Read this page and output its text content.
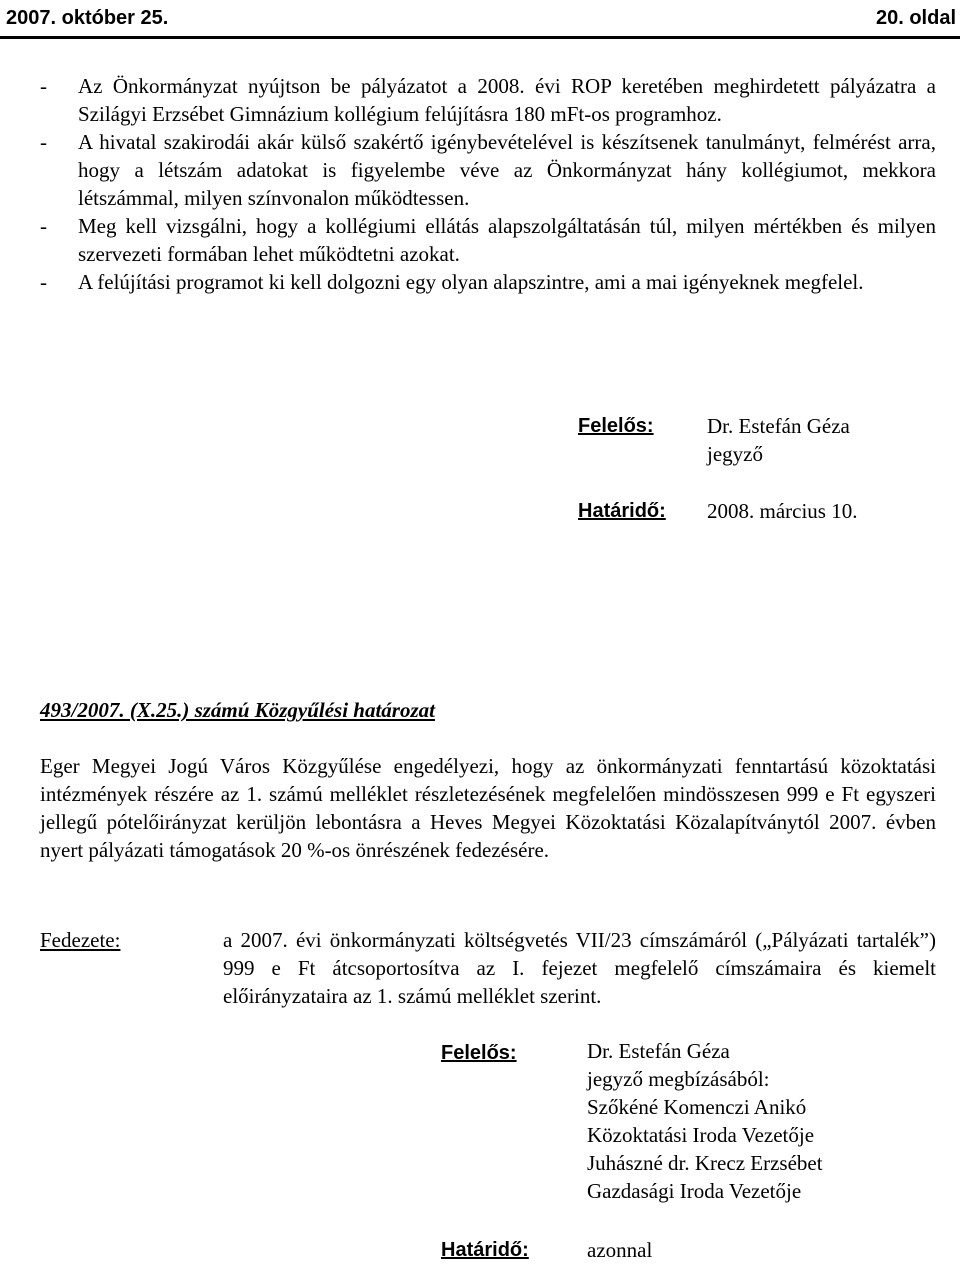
2007. október 25.	20. oldal

- Az Önkormányzat nyújtson be pályázatot a 2008. évi ROP keretében meghirdetett pályázatra a Szilágyi Erzsébet Gimnázium kollégium felújításra 180 mFt-os programhoz.

- A hivatal szakirodái akár külső szakértő igénybevételével is készítsenek tanulmányt, felmérést arra, hogy a létszám adatokat is figyelembe véve az Önkormányzat hány kollégiumot, mekkora létszámmal, milyen színvonalon működtessen.

- Meg kell vizsgálni, hogy a kollégiumi ellátás alapszolgáltatásán túl, milyen mértékben és milyen szervezeti formában lehet működtetni azokat.

- A felújítási programot ki kell dolgozni egy olyan alapszintre, ami a mai igényeknek megfelel.

Felelős:	Dr. Estefán Géza
jegyző
Határidő: 2008. március 10.
493/2007. (X.25.) számú Közgyűlési határozat
Eger Megyei Jogú Város Közgyűlése engedélyezi, hogy az önkormányzati fenntartású közoktatási intézmények részére az 1. számú melléklet részletezésének megfelelően mindösszesen 999 e Ft egyszeri jellegű pótelőirányzat kerüljön lebontásra a Heves Megyei Közoktatási Közalapítványtól 2007. évben nyert pályázati támogatások 20 %-os önrészének fedezésére.
Fedezete:	a 2007. évi önkormányzati költségvetés VII/23 címszámáról („Pályázati tartalék”) 999 e Ft átcsoportosítva az I. fejezet megfelelő címszámaira és kiemelt előirányzataira az 1. számú melléklet szerint.
Felelős:	Dr. Estefán Géza
jegyző megbízásából:
Szőkéné Komenczi Anikó
Közoktatási Iroda Vezetője
Juhászné dr. Krecz Erzsébet
Gazdasági Iroda Vezetője
Határidő:	azonnal
